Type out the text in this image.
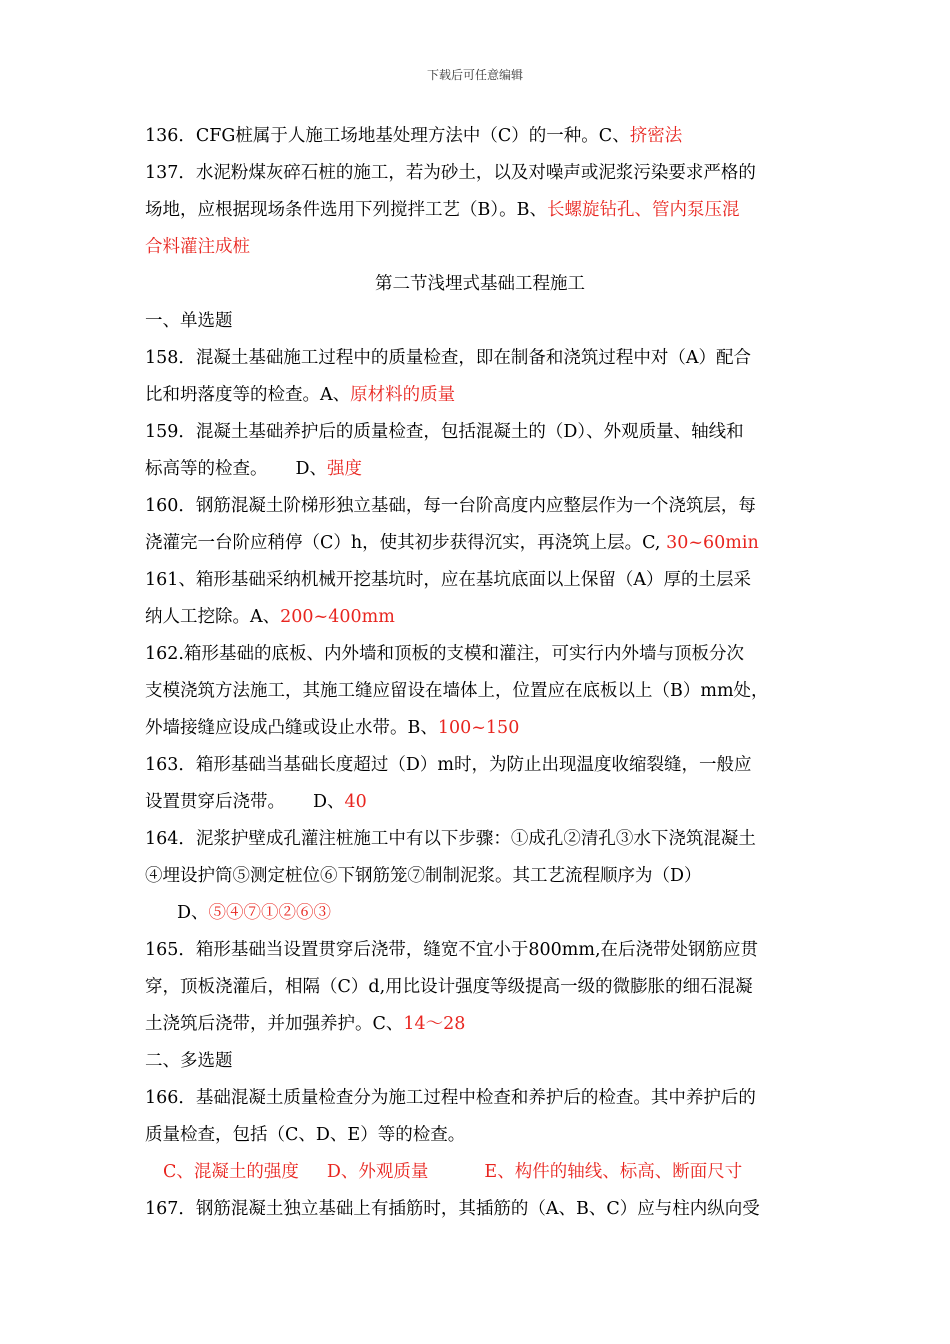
下载后可任意编辑
136．CFG桩属于人施工场地基处理方法中（C）的一种。C、挤密法
137．水泥粉煤灰碎石桩的施工，若为砂土，以及对噪声或泥浆污染要求严格的
场地，应根据现场条件选用下列搅拌工艺（B）。B、长螺旋钻孔、管内泵压混
合料灌注成桩
第二节浅埋式基础工程施工
一、单选题
158．混凝土基础施工过程中的质量检查，即在制备和浇筑过程中对（A）配合
比和坍落度等的检查。A、原材料的质量
159．混凝土基础养护后的质量检查，包括混凝土的（D）、外观质量、轴线和
标高等的检查。 D、强度
160．钢筋混凝土阶梯形独立基础，每一台阶高度内应整层作为一个浇筑层，每
浇灌完一台阶应稍停（C）h，使其初步获得沉实，再浇筑上层。C, 30~60min
161、箱形基础采纳机械开挖基坑时，应在基坑底面以上保留（A）厚的土层采
纳人工挖除。A、200~400mm
162.箱形基础的底板、内外墙和顶板的支模和灌注，可实行内外墙与顶板分次
支模浇筑方法施工，其施工缝应留设在墙体上，位置应在底板以上（B）mm处，
外墙接缝应设成凸缝或设止水带。B、100~150
163．箱形基础当基础长度超过（D）m时，为防止出现温度收缩裂缝，一般应
设置贯穿后浇带。 D、40
164．泥浆护壁成孔灌注桩施工中有以下步骤：①成孔②清孔③水下浇筑混凝土
④埋设护筒⑤测定桩位⑥下钢筋笼⑦制制泥浆。其工艺流程顺序为（D）
D、⑤④⑦①②⑥③
165．箱形基础当设置贯穿后浇带，缝宽不宜小于800mm,在后浇带处钢筋应贯
穿，顶板浇灌后，相隔（C）d,用比设计强度等级提高一级的微膨胀的细石混凝
土浇筑后浇带，并加强养护。C、14～28
二、多选题
166．基础混凝土质量检查分为施工过程中检查和养护后的检查。其中养护后的
质量检查，包括（C、D、E）等的检查。
C、混凝土的强度 D、外观质量	E、构件的轴线、标高、断面尺寸
167．钢筋混凝土独立基础上有插筋时，其插筋的（A、B、C）应与柱内纵向受
